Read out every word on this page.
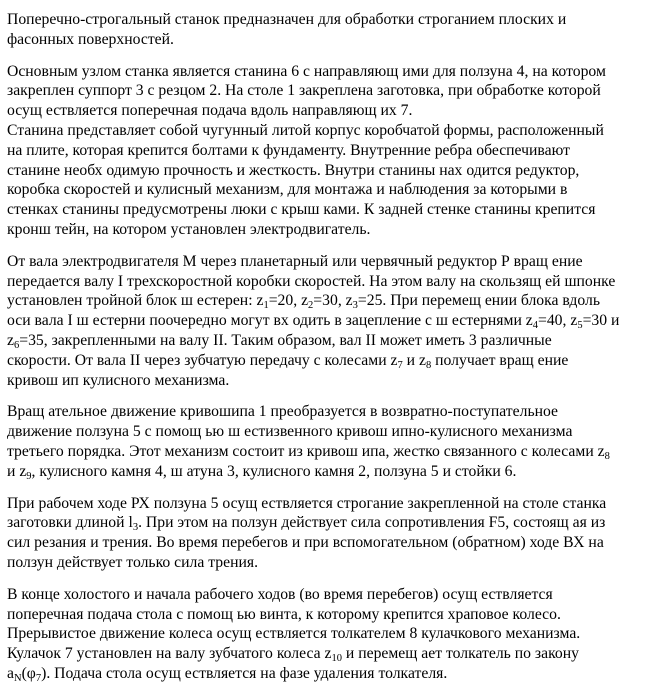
Поперечно-строгальный станок предназначен для обработки строганием плоских и
фасонных поверхностей.
Основным узлом станка является станина 6 с направляющ ими для ползуна 4, на котором
закреплен суппорт 3 с резцом 2. На столе 1 закреплена заготовка, при обработке которой
осущ ествляется поперечная подача вдоль направляющ их 7.
Станина представляет собой чугунный литой корпус коробчатой формы, расположенный
на плите, которая крепится болтами к фундаменту. Внутренние ребра обеспечивают
станине необх одимую прочность и жесткость. Внутри станины нах одится редуктор,
коробка скоростей и кулисный механизм, для монтажа и наблюдения за которыми в
стенках станины предусмотрены люки с крыш ками. К задней стенке станины крепится
кронш тейн, на котором установлен электродвигатель.
От вала электродвигателя М через планетарный или червячный редуктор Р вращ ение
передается валу I трехскоростной коробки скоростей. На этом валу на скользящ ей шпонке
установлен тройной блок ш естерен: $z_1=20$, $z_2=30$, $z_3=25$. При перемещ ении блока вдоль
оси вала I ш естерни поочередно могут вх одить в зацепление с ш естернями $z_4=40$, $z_5=30$ и
$z_6=35$, закрепленными на валу II. Таким образом, вал II может иметь 3 различные
скорости. От вала II через зубчатую передачу с колесами $z_7$ и $z_8$ получает вращ ение
кривош ип кулисного механизма.
Вращ ательное движение кривошипа 1 преобразуется в возвратно-поступательное
движение ползуна 5 с помощ ью ш естизвенного кривош ипно-кулисного механизма
третьего порядка. Этот механизм состоит из кривош ипа, жестко связанного с колесами $z_8$
и $z_9$, кулисного камня 4, ш атуна 3, кулисного камня 2, ползуна 5 и стойки 6.
При рабочем ходе РХ ползуна 5 осущ ествляется строгание закрепленной на столе станка
заготовки длиной $l_3$. При этом на ползун действует сила сопротивления F5, состоящ ая из
сил резания и трения. Во время перебегов и при вспомогательном (обратном) ходе ВХ на
ползун действует только сила трения.
В конце холостого и начала рабочего ходов (во время перебегов) осущ ествляется
поперечная подача стола с помощ ью винта, к которому крепится храповое колесо.
Прерывистое движение колеса осущ ествляется толкателем 8 кулачкового механизма.
Кулачок 7 установлен на валу зубчатого колеса $z_{10}$ и перемещ ает толкатель по закону
$a_N(\varphi_7)$. Подача стола осущ ествляется на фазе удаления толкателя.
